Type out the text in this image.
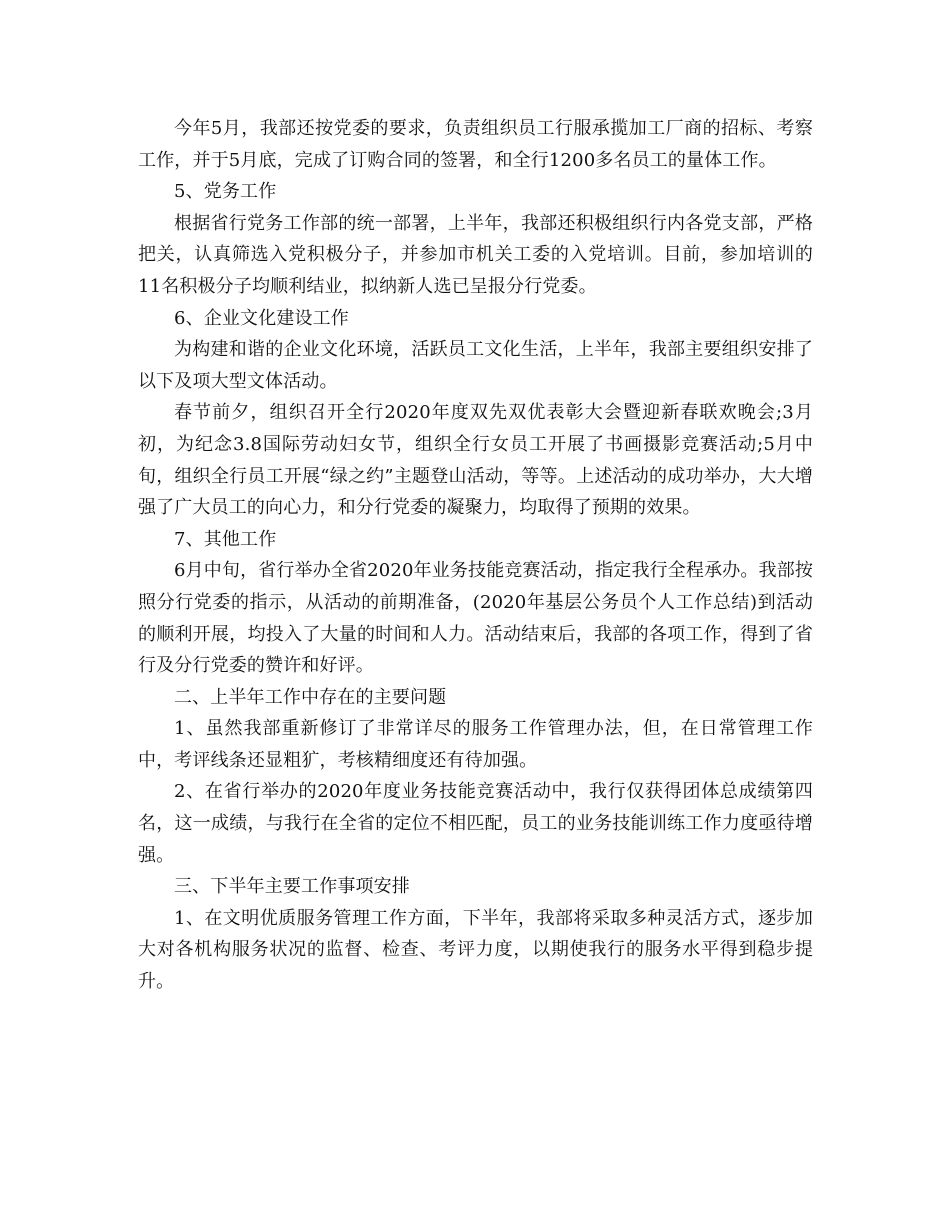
今年5月，我部还按党委的要求，负责组织员工行服承揽加工厂商的招标、考察工作，并于5月底，完成了订购合同的签署，和全行1200多名员工的量体工作。

5、党务工作

根据省行党务工作部的统一部署，上半年，我部还积极组织行内各党支部，严格把关，认真筛选入党积极分子，并参加市机关工委的入党培训。目前，参加培训的11名积极分子均顺利结业，拟纳新人选已呈报分行党委。

6、企业文化建设工作

为构建和谐的企业文化环境，活跃员工文化生活，上半年，我部主要组织安排了以下及项大型文体活动。

春节前夕，组织召开全行2020年度双先双优表彰大会暨迎新春联欢晚会;3月初，为纪念3.8国际劳动妇女节，组织全行女员工开展了书画摄影竞赛活动;5月中旬，组织全行员工开展“绿之约”主题登山活动，等等。上述活动的成功举办，大大增强了广大员工的向心力，和分行党委的凝聚力，均取得了预期的效果。

7、其他工作

6月中旬，省行举办全省2020年业务技能竞赛活动，指定我行全程承办。我部按照分行党委的指示，从活动的前期准备，(2020年基层公务员个人工作总结)到活动的顺利开展，均投入了大量的时间和人力。活动结束后，我部的各项工作，得到了省行及分行党委的赞许和好评。

二、上半年工作中存在的主要问题

1、虽然我部重新修订了非常详尽的服务工作管理办法，但，在日常管理工作中，考评线条还显粗犷，考核精细度还有待加强。

2、在省行举办的2020年度业务技能竞赛活动中，我行仅获得团体总成绩第四名，这一成绩，与我行在全省的定位不相匹配，员工的业务技能训练工作力度亟待增强。

三、下半年主要工作事项安排

1、在文明优质服务管理工作方面，下半年，我部将采取多种灵活方式，逐步加大对各机构服务状况的监督、检查、考评力度，以期使我行的服务水平得到稳步提升。
